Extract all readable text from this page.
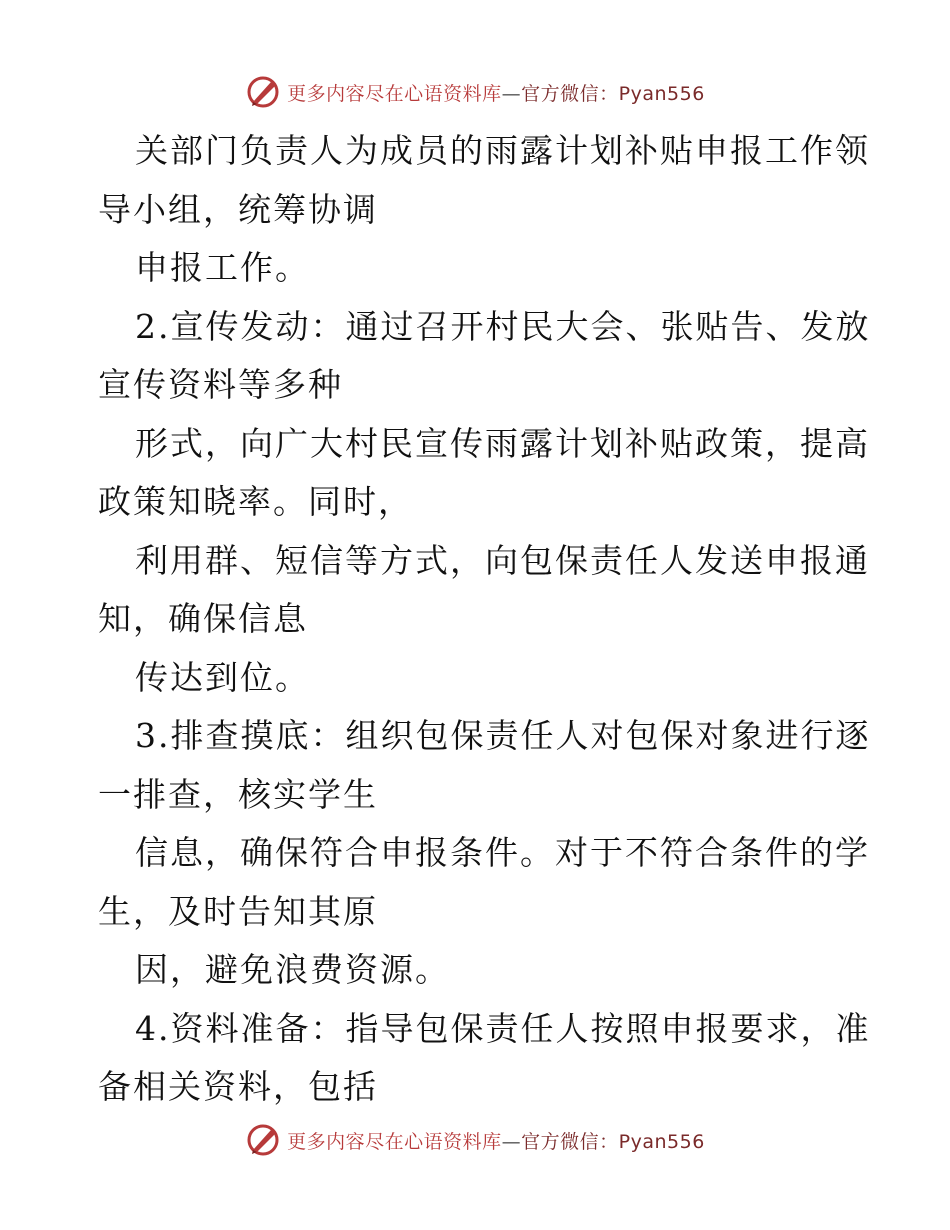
更多内容尽在心语资料库—官方微信：Pyan556
关部门负责人为成员的雨露计划补贴申报工作领
导小组，统筹协调
申报工作。
2.宣传发动：通过召开村民大会、张贴告、发放
宣传资料等多种
形式，向广大村民宣传雨露计划补贴政策，提高
政策知晓率。同时，
利用群、短信等方式，向包保责任人发送申报通
知，确保信息
传达到位。
3.排查摸底：组织包保责任人对包保对象进行逐
一排查，核实学生
信息，确保符合申报条件。对于不符合条件的学
生，及时告知其原
因，避免浪费资源。
4.资料准备：指导包保责任人按照申报要求，准
备相关资料，包括
更多内容尽在心语资料库—官方微信：Pyan556
